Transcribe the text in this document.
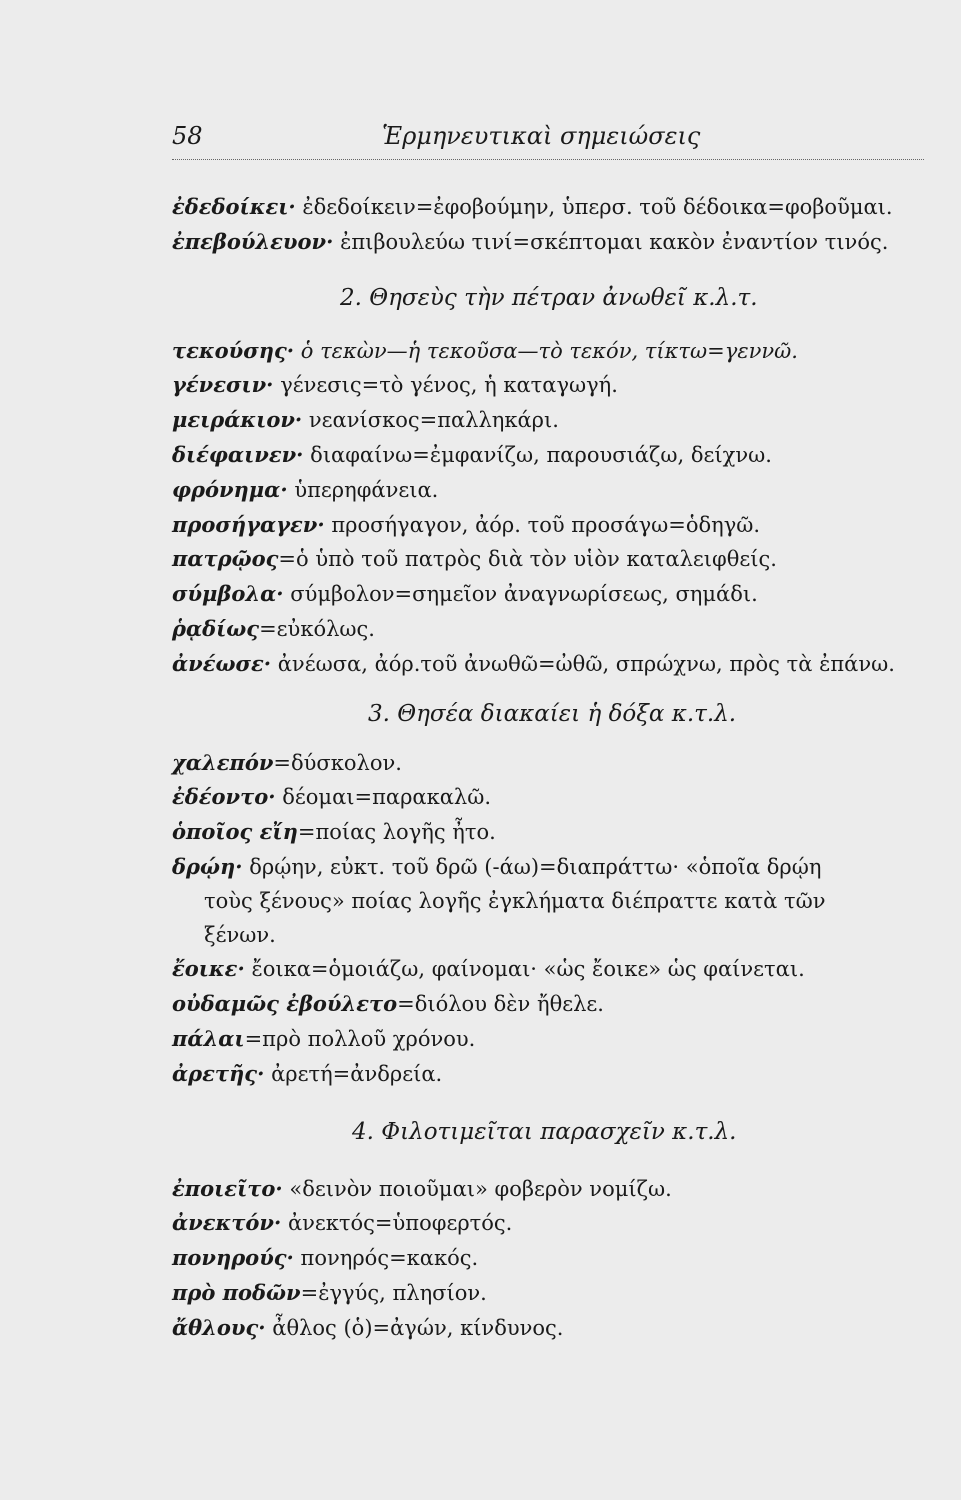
58	Ἑρμηνευτικαὶ σημειώσεις

ἐδεδοίκει· ἐδεδοίκειν=ἐφοβούμην, ὑπερσ. τοῦ δέδοικα=φοβοῦμαι.

ἐπεβούλευον· ἐπιβουλεύω τινί=σκέπτομαι κακὸν ἐναντίον τινός.

2. Θησεὺς τὴν πέτραν ἀνωθεῖ κ.λ.τ.

τεκούσης· ὁ τεκὼν—ἡ τεκοῦσα—τὸ τεκόν, τίκτω=γεννῶ.

γένεσιν· γένεσις=τὸ γένος, ἡ καταγωγή.

μειράκιον· νεανίσκος=παλληκάρι.

διέφαινεν· διαφαίνω=ἐμφανίζω, παρουσιάζω, δείχνω.

φρόνημα· ὑπερηφάνεια.

προσήγαγεν· προσήγαγον, ἀόρ. τοῦ προσάγω=ὁδηγῶ.

πατρῷος=ὁ ὑπὸ τοῦ πατρὸς διὰ τὸν υἱὸν καταλειφθείς.

σύμβολα· σύμβολον=σημεῖον ἀναγνωρίσεως, σημάδι.

ῥᾳδίως=εὐκόλως.

ἀνέωσε· ἀνέωσα, ἀόρ.τοῦ ἀνωθῶ=ὠθῶ, σπρώχνω, πρὸς τὰ ἐπάνω.

3. Θησέα διακαίει ἡ δόξα κ.τ.λ.

χαλεπόν=δύσκολον.

ἐδέοντο· δέομαι=παρακαλῶ.

ὁποῖος εἴη=ποίας λογῆς ἦτο.

δρῴη· δρῴην, εὐκτ. τοῦ δρῶ (-άω)=διαπράττω· «ὁποῖα δρῴη

τοὺς ξένους» ποίας λογῆς ἐγκλήματα διέπραττε κατὰ τῶν

ξένων.

ἔοικε· ἔοικα=ὁμοιάζω, φαίνομαι· «ὡς ἔοικε» ὡς φαίνεται.

οὐδαμῶς ἐβούλετο=διόλου δὲν ἤθελε.

πάλαι=πρὸ πολλοῦ χρόνου.

ἀρετῆς· ἀρετή=ἀνδρεία.

4. Φιλοτιμεῖται παρασχεῖν κ.τ.λ.

ἐποιεῖτο· «δεινὸν ποιοῦμαι» φοβερὸν νομίζω.

ἀνεκτόν· ἀνεκτός=ὑποφερτός.

πονηρούς· πονηρός=κακός.

πρὸ ποδῶν=ἐγγύς, πλησίον.

ἄθλους· ἆθλος (ὁ)=ἀγών, κίνδυνος.
